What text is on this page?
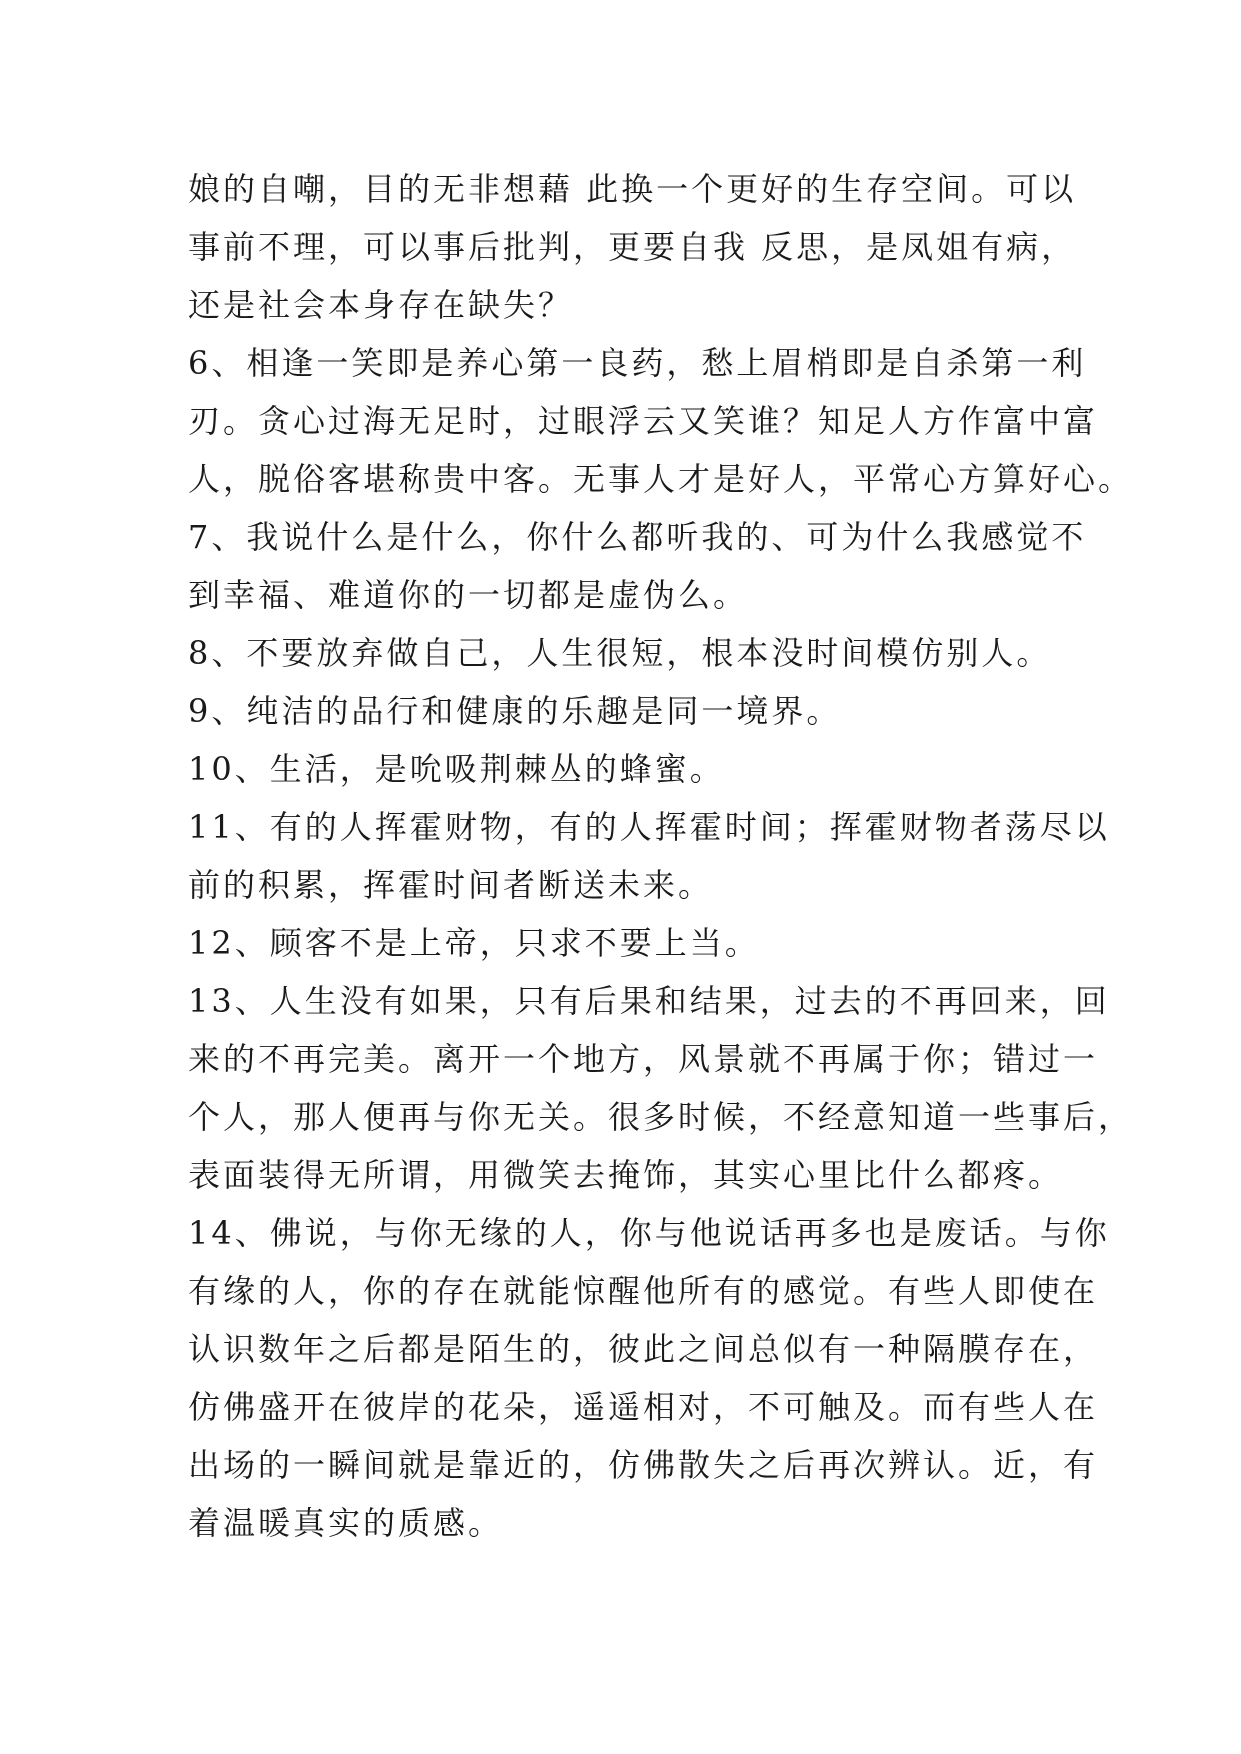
娘的自嘲，目的无非想藉 此换一个更好的生存空间。可以
事前不理，可以事后批判，更要自我 反思，是凤姐有病，
还是社会本身存在缺失？
6、相逢一笑即是养心第一良药，愁上眉梢即是自杀第一利
刃。贪心过海无足时，过眼浮云又笑谁？知足人方作富中富
人，脱俗客堪称贵中客。无事人才是好人，平常心方算好心。
7、我说什么是什么，你什么都听我的、可为什么我感觉不
到幸福、难道你的一切都是虚伪么。
8、不要放弃做自己，人生很短，根本没时间模仿别人。
9、纯洁的品行和健康的乐趣是同一境界。
10、生活，是吮吸荆棘丛的蜂蜜。
11、有的人挥霍财物，有的人挥霍时间；挥霍财物者荡尽以
前的积累，挥霍时间者断送未来。
12、顾客不是上帝，只求不要上当。
13、人生没有如果，只有后果和结果，过去的不再回来，回
来的不再完美。离开一个地方，风景就不再属于你；错过一
个人，那人便再与你无关。很多时候，不经意知道一些事后，
表面装得无所谓，用微笑去掩饰，其实心里比什么都疼。
14、佛说，与你无缘的人，你与他说话再多也是废话。与你
有缘的人，你的存在就能惊醒他所有的感觉。有些人即使在
认识数年之后都是陌生的，彼此之间总似有一种隔膜存在，
仿佛盛开在彼岸的花朵，遥遥相对，不可触及。而有些人在
出场的一瞬间就是靠近的，仿佛散失之后再次辨认。近，有
着温暖真实的质感。
